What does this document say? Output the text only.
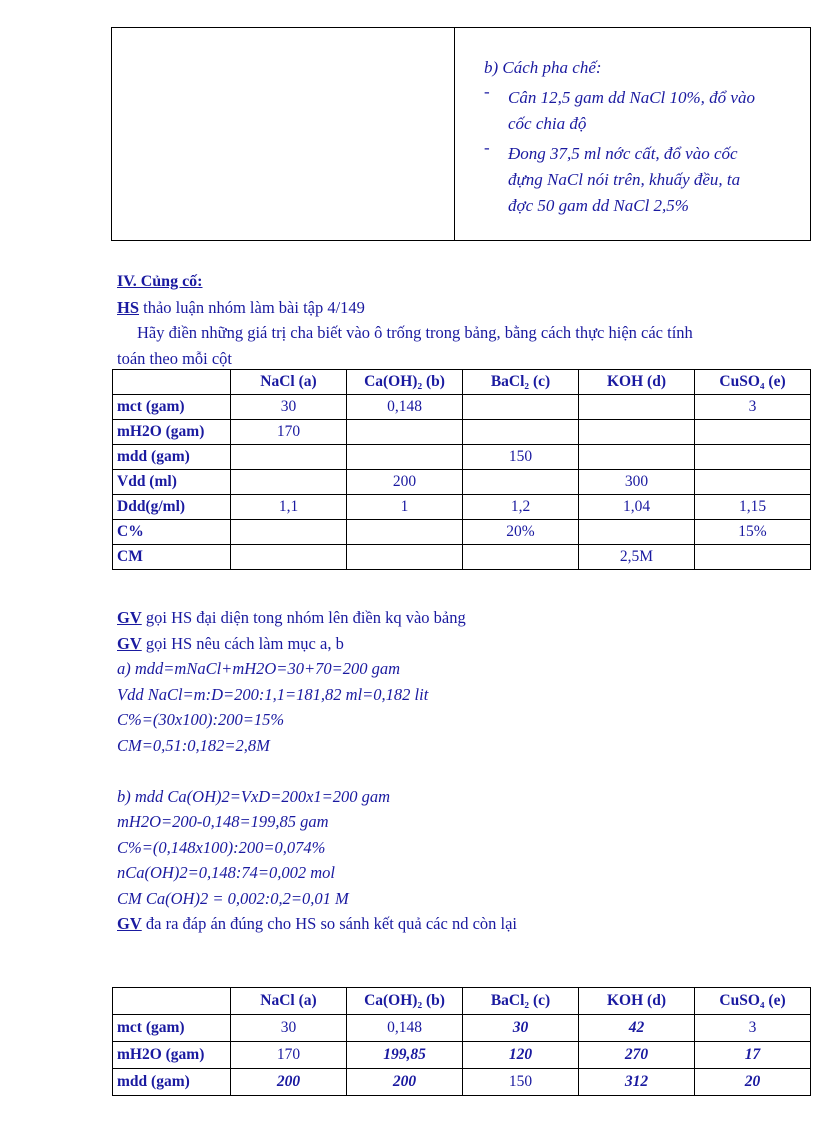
b) Cách pha chế:
- Cân 12,5 gam dd NaCl 10%, đổ vào
cốc chia độ
- Đong 37,5 ml nớc cất, đổ vào cốc
đựng NaCl nói trên, khuấy đều, ta
đợc 50 gam dd NaCl 2,5%
IV. Củng cố:
HS thảo luận nhóm làm bài tập 4/149
Hãy điền những giá trị cha biết vào ô trống trong bảng, bằng cách thực hiện các tính
toán theo mỗi cột
	NaCl (a)	Ca(OH)₂ (b)	BaCl₂ (c)	KOH (d)	CuSO₄ (e)
mct (gam)	30	0,148			3
mH2O (gam)	170				
mdd (gam)			150		
Vdd (ml)		200		300	
Ddd(g/ml)	1,1	1	1,2	1,04	1,15
C%			20%		15%
CM				2,5M	
GV gọi HS đại diện tong nhóm lên điền kq vào bảng
GV gọi HS nêu cách làm mục a, b
a) mdd=mNaCl+mH2O=30+70=200 gam
Vdd NaCl=m:D=200:1,1=181,82 ml=0,182 lit
C%=(30x100):200=15%
CM=0,51:0,182=2,8M
b) mdd Ca(OH)2=VxD=200x1=200 gam
mH2O=200-0,148=199,85 gam
C%=(0,148x100):200=0,074%
nCa(OH)2=0,148:74=0,002 mol
CM Ca(OH)2 = 0,002:0,2=0,01 M
GV đa ra đáp án đúng cho HS so sánh kết quả các nd còn lại
	NaCl (a)	Ca(OH)₂ (b)	BaCl₂ (c)	KOH (d)	CuSO₄ (e)
mct (gam)	30	0,148	30	42	3
mH2O (gam)	170	199,85	120	270	17
mdd (gam)	200	200	150	312	20
